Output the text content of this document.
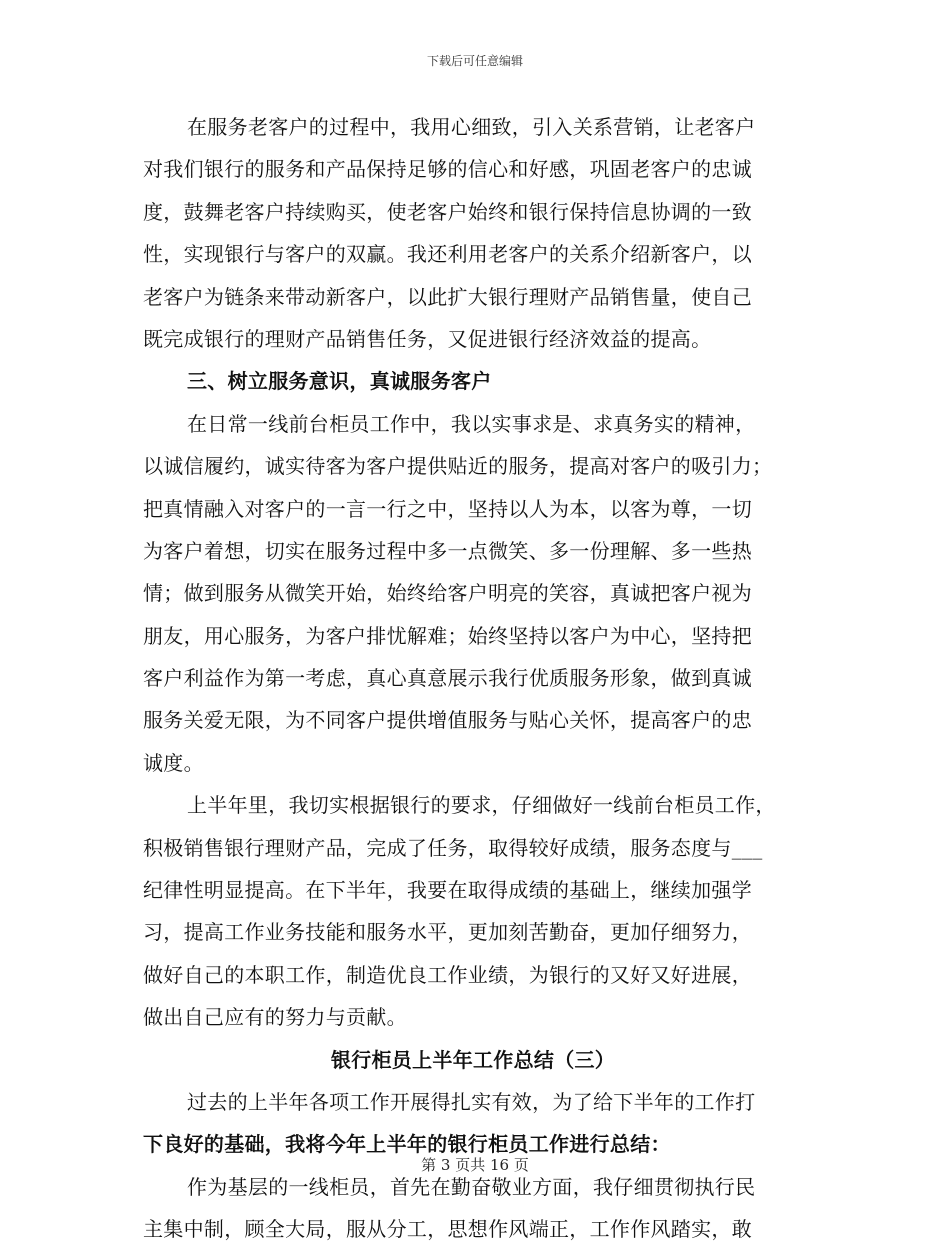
下载后可任意编辑
在服务老客户的过程中，我用心细致，引入关系营销，让老客户
对我们银行的服务和产品保持足够的信心和好感，巩固老客户的忠诚
度，鼓舞老客户持续购买，使老客户始终和银行保持信息协调的一致
性，实现银行与客户的双赢。我还利用老客户的关系介绍新客户，以
老客户为链条来带动新客户，以此扩大银行理财产品销售量，使自己
既完成银行的理财产品销售任务，又促进银行经济效益的提高。
三、树立服务意识，真诚服务客户
在日常一线前台柜员工作中，我以实事求是、求真务实的精神，
以诚信履约，诚实待客为客户提供贴近的服务，提高对客户的吸引力；
把真情融入对客户的一言一行之中，坚持以人为本，以客为尊，一切
为客户着想，切实在服务过程中多一点微笑、多一份理解、多一些热
情；做到服务从微笑开始，始终给客户明亮的笑容，真诚把客户视为
朋友，用心服务，为客户排忧解难；始终坚持以客户为中心，坚持把
客户利益作为第一考虑，真心真意展示我行优质服务形象，做到真诚
服务关爱无限，为不同客户提供增值服务与贴心关怀，提高客户的忠
诚度。
上半年里，我切实根据银行的要求，仔细做好一线前台柜员工作，
积极销售银行理财产品，完成了任务，取得较好成绩，服务态度与___
纪律性明显提高。在下半年，我要在取得成绩的基础上，继续加强学
习，提高工作业务技能和服务水平，更加刻苦勤奋，更加仔细努力，
做好自己的本职工作，制造优良工作业绩，为银行的又好又好进展，
做出自己应有的努力与贡献。
银行柜员上半年工作总结（三）
过去的上半年各项工作开展得扎实有效，为了给下半年的工作打
下良好的基础，我将今年上半年的银行柜员工作进行总结：
作为基层的一线柜员，首先在勤奋敬业方面，我仔细贯彻执行民
主集中制，顾全大局，服从分工，思想作风端正，工作作风踏实，敢
第 3 页共 16 页
